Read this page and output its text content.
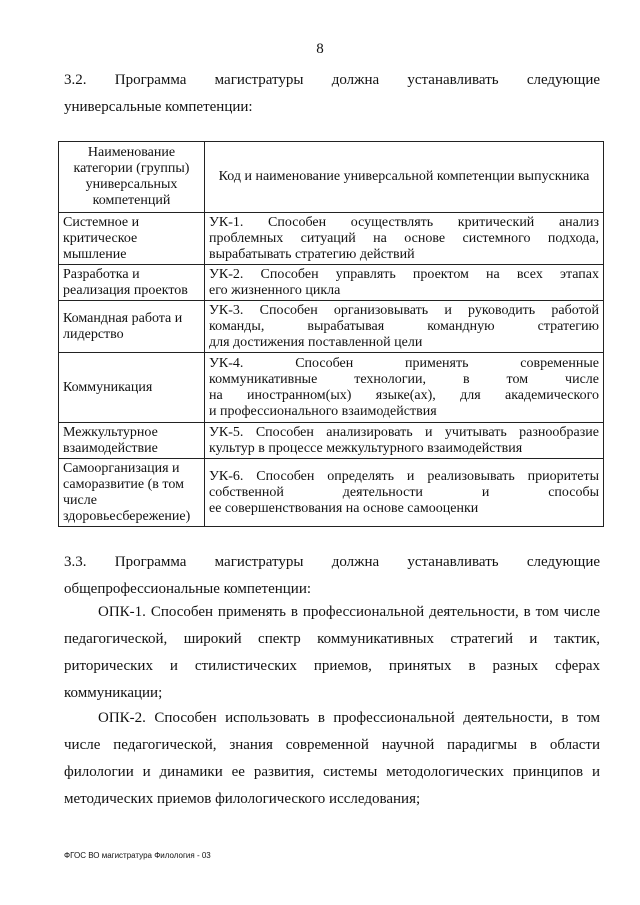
8
3.2. Программа магистратуры должна устанавливать следующие
универсальные компетенции:
Наименование категории (группы) универсальных компетенций	Код и наименование универсальной компетенции выпускника
Системное и критическое мышление	УК-1. Способен осуществлять критический анализ
проблемных ситуаций на основе системного подхода,
вырабатывать стратегию действий

Разработка и реализация проектов	УК-2. Способен управлять проектом на всех этапах
его жизненного цикла

Командная работа и лидерство	УК-3. Способен организовывать и руководить работой
команды, вырабатывая командную стратегию
для достижения поставленной цели

Коммуникация	УК-4. Способен применять современные
коммуникативные технологии, в том числе
на иностранном(ых) языке(ах), для академического
и профессионального взаимодействия

Межкультурное взаимодействие	УК-5. Способен анализировать и учитывать разнообразие
культур в процессе межкультурного взаимодействия

Самоорганизация и саморазвитие (в том числе здоровьесбережение)	УК-6. Способен определять и реализовывать приоритеты
собственной деятельности и способы
ее совершенствования на основе самооценки
3.3. Программа магистратуры должна устанавливать следующие
общепрофессиональные компетенции:
ОПК-1. Способен применять в профессиональной деятельности, в том числе педагогической, широкий спектр коммуникативных стратегий и тактик, риторических и стилистических приемов, принятых в разных сферах коммуникации;
ОПК-2. Способен использовать в профессиональной деятельности, в том числе педагогической, знания современной научной парадигмы в области филологии и динамики ее развития, системы методологических принципов и методических приемов филологического исследования;
ФГОС ВО магистратура Филология - 03
